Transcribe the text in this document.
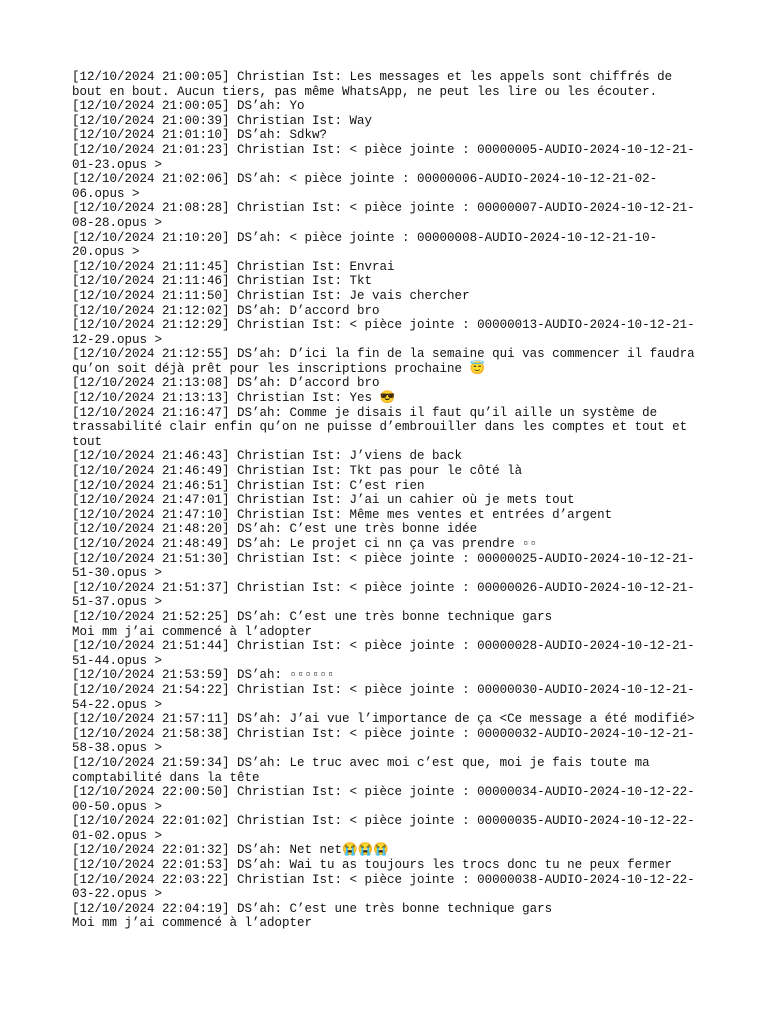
[12/10/2024 21:00:05] Christian Ist: Les messages et les appels sont chiffrés de
bout en bout. Aucun tiers, pas même WhatsApp, ne peut les lire ou les écouter.
[12/10/2024 21:00:05] DS’ah: Yo
[12/10/2024 21:00:39] Christian Ist: Way
[12/10/2024 21:01:10] DS’ah: Sdkw?
[12/10/2024 21:01:23] Christian Ist: < pièce jointe : 00000005-AUDIO-2024-10-12-21-
01-23.opus >
[12/10/2024 21:02:06] DS’ah: < pièce jointe : 00000006-AUDIO-2024-10-12-21-02-
06.opus >
[12/10/2024 21:08:28] Christian Ist: < pièce jointe : 00000007-AUDIO-2024-10-12-21-
08-28.opus >
[12/10/2024 21:10:20] DS’ah: < pièce jointe : 00000008-AUDIO-2024-10-12-21-10-
20.opus >
[12/10/2024 21:11:45] Christian Ist: Envrai
[12/10/2024 21:11:46] Christian Ist: Tkt
[12/10/2024 21:11:50] Christian Ist: Je vais chercher
[12/10/2024 21:12:02] DS’ah: D’accord bro
[12/10/2024 21:12:29] Christian Ist: < pièce jointe : 00000013-AUDIO-2024-10-12-21-
12-29.opus >
[12/10/2024 21:12:55] DS’ah: D’ici la fin de la semaine qui vas commencer il faudra
qu’on soit déjà prêt pour les inscriptions prochaine 😇
[12/10/2024 21:13:08] DS’ah: D’accord bro
[12/10/2024 21:13:13] Christian Ist: Yes 😎
[12/10/2024 21:16:47] DS’ah: Comme je disais il faut qu’il aille un système de
trassabilité clair enfin qu’on ne puisse d’embrouiller dans les comptes et tout et
tout
[12/10/2024 21:46:43] Christian Ist: J’viens de back
[12/10/2024 21:46:49] Christian Ist: Tkt pas pour le côté là
[12/10/2024 21:46:51] Christian Ist: C’est rien
[12/10/2024 21:47:01] Christian Ist: J’ai un cahier où je mets tout
[12/10/2024 21:47:10] Christian Ist: Même mes ventes et entrées d’argent
[12/10/2024 21:48:20] DS’ah: C’est une très bonne idée
[12/10/2024 21:48:49] DS’ah: Le projet ci nn ça vas prendre ▫▫
[12/10/2024 21:51:30] Christian Ist: < pièce jointe : 00000025-AUDIO-2024-10-12-21-
51-30.opus >
[12/10/2024 21:51:37] Christian Ist: < pièce jointe : 00000026-AUDIO-2024-10-12-21-
51-37.opus >
[12/10/2024 21:52:25] DS’ah: C’est une très bonne technique gars
Moi mm j’ai commencé à l’adopter
[12/10/2024 21:51:44] Christian Ist: < pièce jointe : 00000028-AUDIO-2024-10-12-21-
51-44.opus >
[12/10/2024 21:53:59] DS’ah: ▫▫▫▫▫▫
[12/10/2024 21:54:22] Christian Ist: < pièce jointe : 00000030-AUDIO-2024-10-12-21-
54-22.opus >
[12/10/2024 21:57:11] DS’ah: J’ai vue l’importance de ça <Ce message a été modifié>
[12/10/2024 21:58:38] Christian Ist: < pièce jointe : 00000032-AUDIO-2024-10-12-21-
58-38.opus >
[12/10/2024 21:59:34] DS’ah: Le truc avec moi c’est que, moi je fais toute ma
comptabilité dans la tête
[12/10/2024 22:00:50] Christian Ist: < pièce jointe : 00000034-AUDIO-2024-10-12-22-
00-50.opus >
[12/10/2024 22:01:02] Christian Ist: < pièce jointe : 00000035-AUDIO-2024-10-12-22-
01-02.opus >
[12/10/2024 22:01:32] DS’ah: Net net😭😭😭
[12/10/2024 22:01:53] DS’ah: Wai tu as toujours les trocs donc tu ne peux fermer
[12/10/2024 22:03:22] Christian Ist: < pièce jointe : 00000038-AUDIO-2024-10-12-22-
03-22.opus >
[12/10/2024 22:04:19] DS’ah: C’est une très bonne technique gars
Moi mm j’ai commencé à l’adopter
